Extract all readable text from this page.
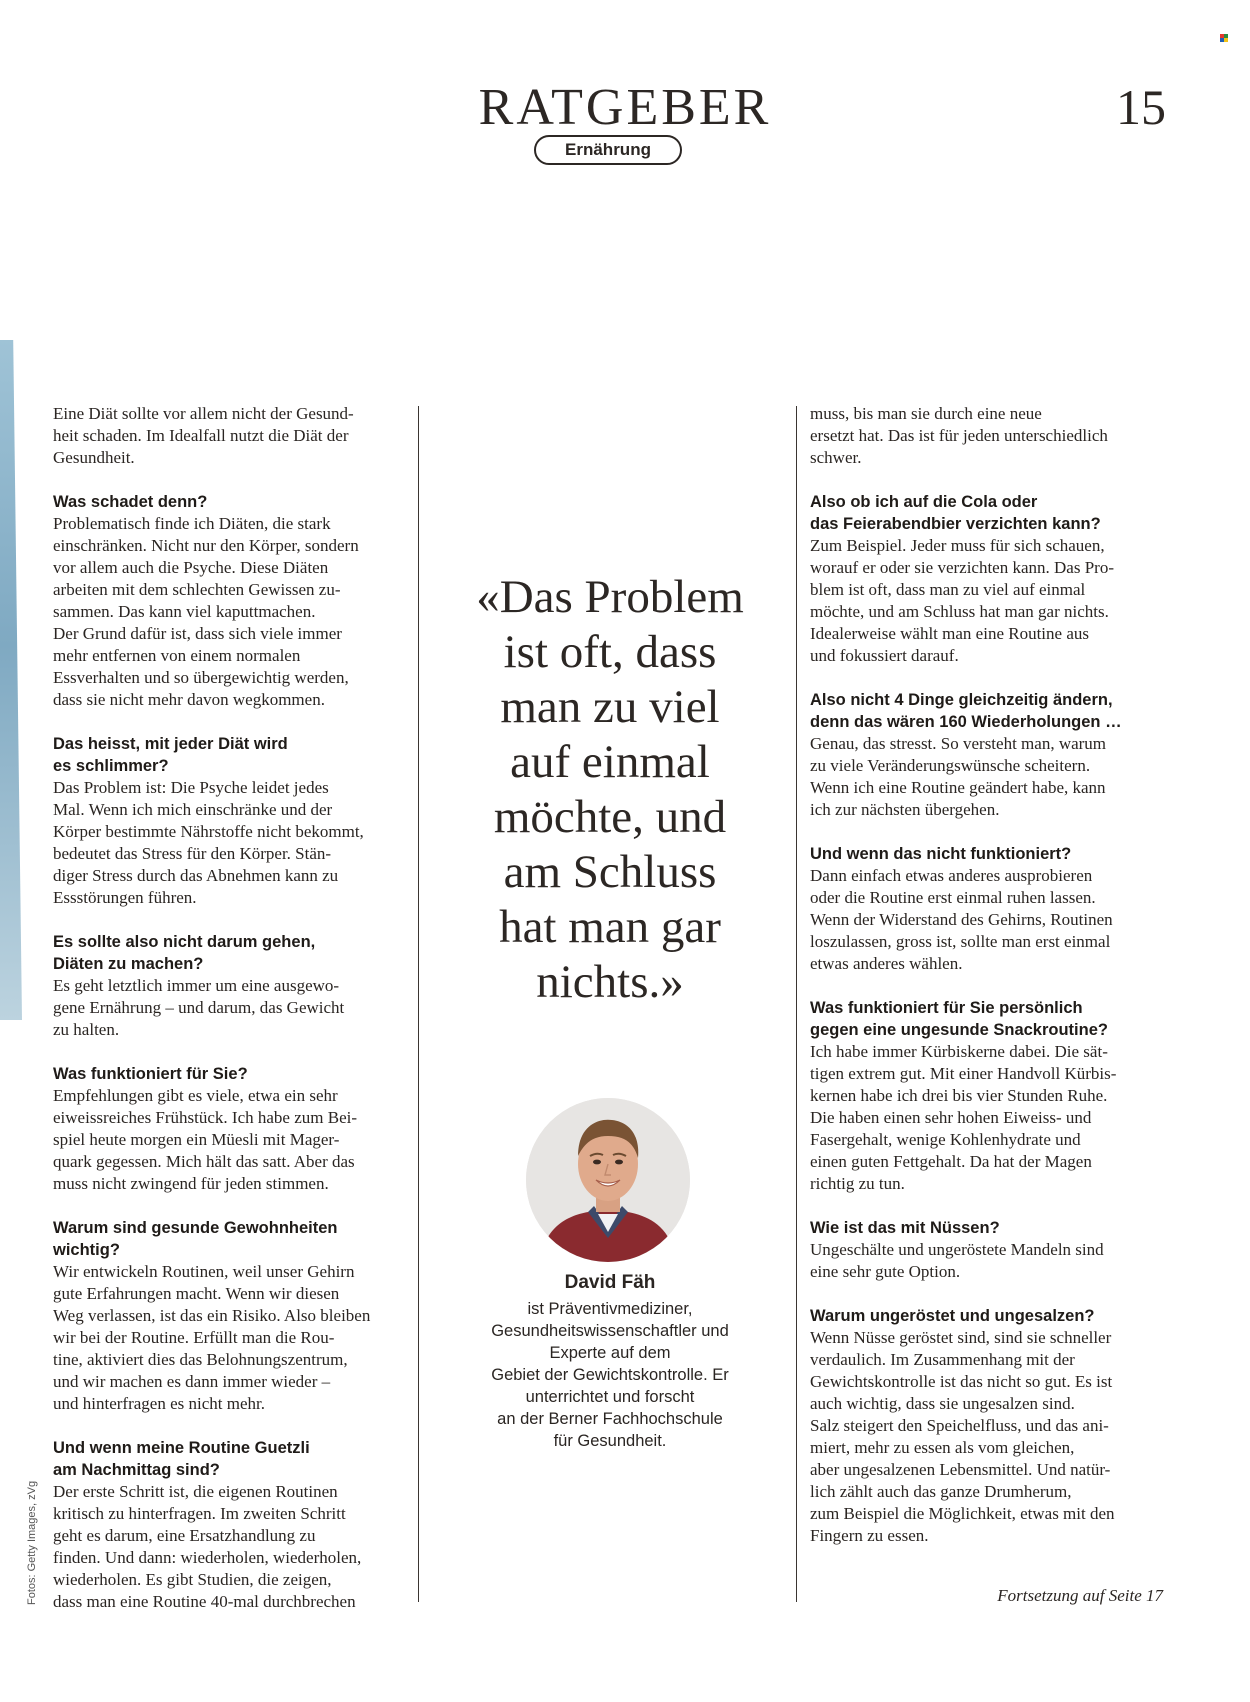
RATGEBER
Ernährung
15

Eine Diät sollte vor allem nicht der Gesund-
heit schaden. Im Idealfall nutzt die Diät der
Gesundheit.

Was schadet denn?
Problematisch finde ich Diäten, die stark
einschränken. Nicht nur den Körper, sondern
vor allem auch die Psyche. Diese Diäten
arbeiten mit dem schlechten Gewissen zu-
sammen. Das kann viel kaputtmachen.
Der Grund dafür ist, dass sich viele immer
mehr entfernen von einem normalen
Essverhalten und so übergewichtig werden,
dass sie nicht mehr davon wegkommen.

Das heisst, mit jeder Diät wird
es schlimmer?
Das Problem ist: Die Psyche leidet jedes
Mal. Wenn ich mich einschränke und der
Körper bestimmte Nährstoffe nicht bekommt,
bedeutet das Stress für den Körper. Stän-
diger Stress durch das Abnehmen kann zu
Essstörungen führen.

Es sollte also nicht darum gehen,
Diäten zu machen?
Es geht letztlich immer um eine ausgewo-
gene Ernährung – und darum, das Gewicht
zu halten.

Was funktioniert für Sie?
Empfehlungen gibt es viele, etwa ein sehr
eiweissreiches Frühstück. Ich habe zum Bei-
spiel heute morgen ein Müesli mit Mager-
quark gegessen. Mich hält das satt. Aber das
muss nicht zwingend für jeden stimmen.

Warum sind gesunde Gewohnheiten
wichtig?
Wir entwickeln Routinen, weil unser Gehirn
gute Erfahrungen macht. Wenn wir diesen
Weg verlassen, ist das ein Risiko. Also bleiben
wir bei der Routine. Erfüllt man die Rou-
tine, aktiviert dies das Belohnungszentrum,
und wir machen es dann immer wieder –
und hinterfragen es nicht mehr.

Und wenn meine Routine Guetzli
am Nachmittag sind?
Der erste Schritt ist, die eigenen Routinen
kritisch zu hinterfragen. Im zweiten Schritt
geht es darum, eine Ersatzhandlung zu
finden. Und dann: wiederholen, wiederholen,
wiederholen. Es gibt Studien, die zeigen,
dass man eine Routine 40-mal durchbrechen

«Das Problem
ist oft, dass
man zu viel
auf einmal
möchte, und
am Schluss
hat man gar
nichts.»
David Fäh
ist Präventivmediziner,
Gesundheitswissenschaftler und
Experte auf dem
Gebiet der Gewichtskontrolle. Er
unterrichtet und forscht
an der Berner Fachhochschule
für Gesundheit.

muss, bis man sie durch eine neue
ersetzt hat. Das ist für jeden unterschiedlich
schwer.

Also ob ich auf die Cola oder
das Feierabendbier verzichten kann?
Zum Beispiel. Jeder muss für sich schauen,
worauf er oder sie verzichten kann. Das Pro-
blem ist oft, dass man zu viel auf einmal
möchte, und am Schluss hat man gar nichts.
Idealerweise wählt man eine Routine aus
und fokussiert darauf.

Also nicht 4 Dinge gleichzeitig ändern,
denn das wären 160 Wiederholungen …
Genau, das stresst. So versteht man, warum
zu viele Veränderungswünsche scheitern.
Wenn ich eine Routine geändert habe, kann
ich zur nächsten übergehen.

Und wenn das nicht funktioniert?
Dann einfach etwas anderes ausprobieren
oder die Routine erst einmal ruhen lassen.
Wenn der Widerstand des Gehirns, Routinen
loszulassen, gross ist, sollte man erst einmal
etwas anderes wählen.

Was funktioniert für Sie persönlich
gegen eine ungesunde Snackroutine?
Ich habe immer Kürbiskerne dabei. Die sät-
tigen extrem gut. Mit einer Handvoll Kürbis-
kernen habe ich drei bis vier Stunden Ruhe.
Die haben einen sehr hohen Eiweiss- und
Fasergehalt, wenige Kohlenhydrate und
einen guten Fettgehalt. Da hat der Magen
richtig zu tun.

Wie ist das mit Nüssen?
Ungeschälte und ungeröstete Mandeln sind
eine sehr gute Option.

Warum ungeröstet und ungesalzen?
Wenn Nüsse geröstet sind, sind sie schneller
verdaulich. Im Zusammenhang mit der
Gewichtskontrolle ist das nicht so gut. Es ist
auch wichtig, dass sie ungesalzen sind.
Salz steigert den Speichelfluss, und das ani-
miert, mehr zu essen als vom gleichen,
aber ungesalzenen Lebensmittel. Und natür-
lich zählt auch das ganze Drumherum,
zum Beispiel die Möglichkeit, etwas mit den
Fingern zu essen.

Fortsetzung auf Seite 17
Fotos: Getty Images, zVg
